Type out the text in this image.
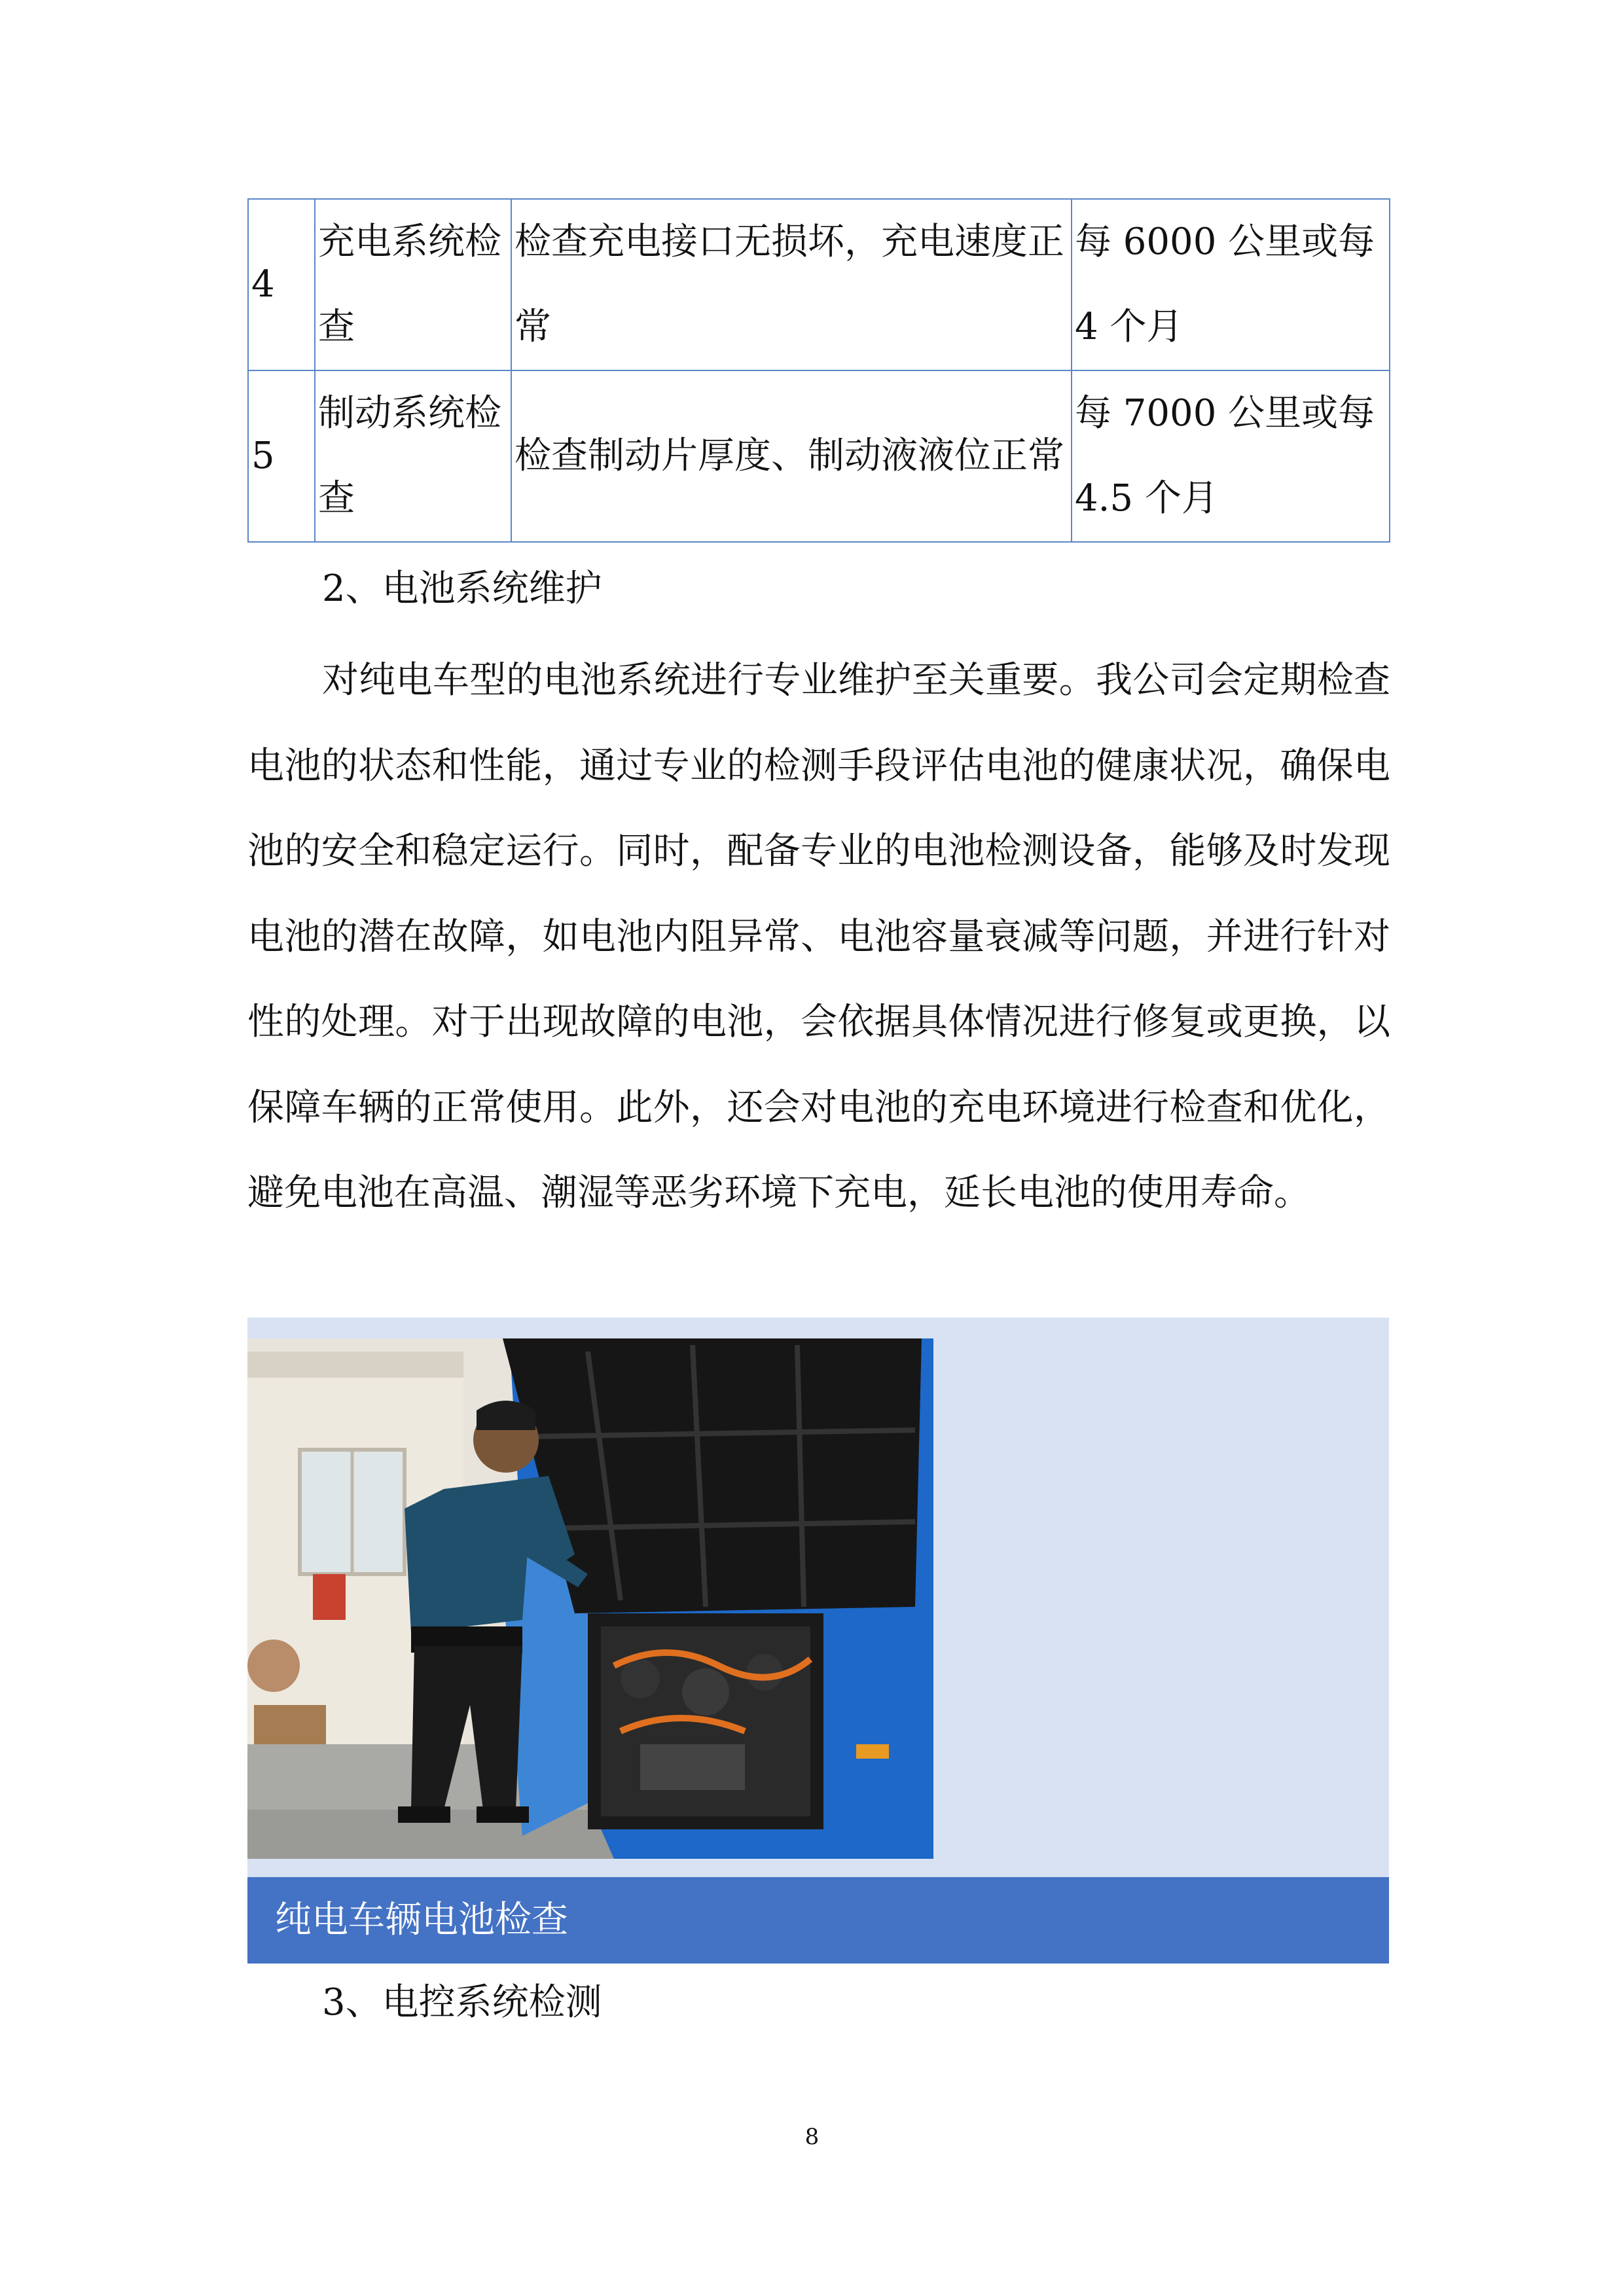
4	充电系统检查	检查充电接口无损坏，充电速度正常	每 6000 公里或每 4 个月
5	制动系统检查	检查制动片厚度、制动液液位正常	每 7000 公里或每 4.5 个月
2、电池系统维护

对纯电车型的电池系统进行专业维护至关重要。我公司会定期检查电池的状态和性能，通过专业的检测手段评估电池的健康状况，确保电池的安全和稳定运行。同时，配备专业的电池检测设备，能够及时发现电池的潜在故障，如电池内阻异常、电池容量衰减等问题，并进行针对性的处理。对于出现故障的电池，会依据具体情况进行修复或更换，以保障车辆的正常使用。此外，还会对电池的充电环境进行检查和优化，避免电池在高温、潮湿等恶劣环境下充电，延长电池的使用寿命。

纯电车辆电池检查
3、电控系统检测
8
